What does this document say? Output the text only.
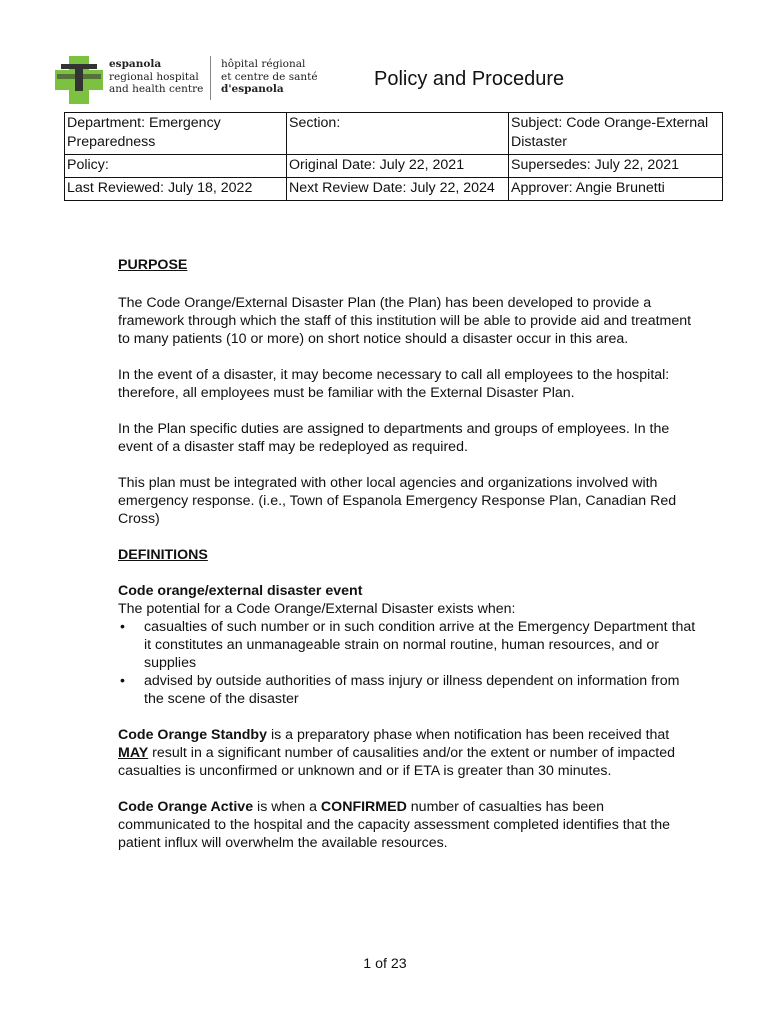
espanola
regional hospital
and health centre
hôpital régional
et centre de santé
d'espanola	Policy and Procedure
Department: Emergency Preparedness	Section:	Subject: Code Orange-External Distaster
Policy:	Original Date: July 22, 2021	Supersedes: July 22, 2021
Last Reviewed: July 18, 2022	Next Review Date: July 22, 2024	Approver: Angie Brunetti

PURPOSE

The Code Orange/External Disaster Plan (the Plan) has been developed to provide a framework through which the staff of this institution will be able to provide aid and treatment to many patients (10 or more) on short notice should a disaster occur in this area.

In the event of a disaster, it may become necessary to call all employees to the hospital: therefore, all employees must be familiar with the External Disaster Plan.

In the Plan specific duties are assigned to departments and groups of employees. In the event of a disaster staff may be redeployed as required.

This plan must be integrated with other local agencies and organizations involved with emergency response. (i.e., Town of Espanola Emergency Response Plan, Canadian Red Cross)

DEFINITIONS

Code orange/external disaster event

The potential for a Code Orange/External Disaster exists when:

• casualties of such number or in such condition arrive at the Emergency Department that it constitutes an unmanageable strain on normal routine, human resources, and or supplies
• advised by outside authorities of mass injury or illness dependent on information from the scene of the disaster

Code Orange Standby is a preparatory phase when notification has been received that MAY result in a significant number of causalities and/or the extent or number of impacted casualties is unconfirmed or unknown and or if ETA is greater than 30 minutes.

Code Orange Active is when a CONFIRMED number of casualties has been communicated to the hospital and the capacity assessment completed identifies that the patient influx will overwhelm the available resources.

1 of 23
